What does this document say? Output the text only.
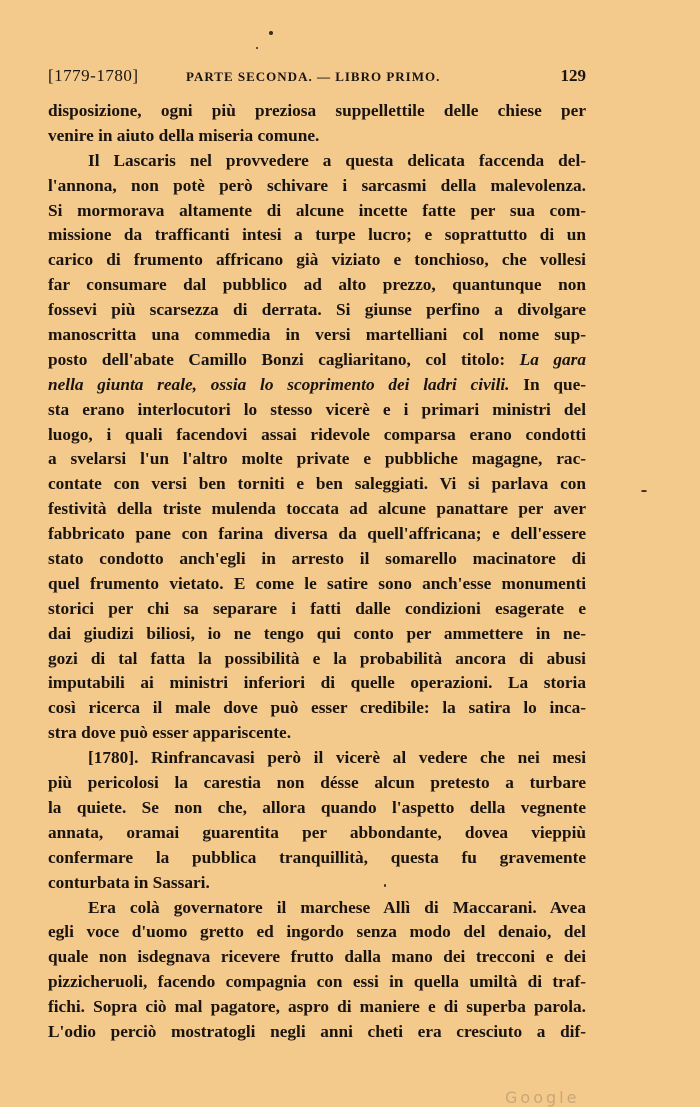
[1779-1780]	PARTE SECONDA. — LIBRO PRIMO.	129
disposizione, ogni più preziosa suppellettile delle chiese per
venire in aiuto della miseria comune.
Il Lascaris nel provvedere a questa delicata faccenda del-
l'annona, non potè però schivare i sarcasmi della malevolenza.
Si mormorava altamente di alcune incette fatte per sua com-
missione da trafficanti intesi a turpe lucro; e soprattutto di un
carico di frumento affricano già viziato e tonchioso, che vollesi
far consumare dal pubblico ad alto prezzo, quantunque non
fossevi più scarsezza di derrata. Si giunse perfino a divolgare
manoscritta una commedia in versi martelliani col nome sup-
posto dell'abate Camillo Bonzi cagliaritano, col titolo: La gara
nella giunta reale, ossia lo scoprimento dei ladri civili. In que-
sta erano interlocutori lo stesso vicerè e i primari ministri del
luogo, i quali facendovi assai ridevole comparsa erano condotti
a svelarsi l'un l'altro molte private e pubbliche magagne, rac-
contate con versi ben torniti e ben saleggiati. Vi si parlava con
festività della triste mulenda toccata ad alcune panattare per aver
fabbricato pane con farina diversa da quell'affricana; e dell'essere
stato condotto anch'egli in arresto il somarello macinatore di
quel frumento vietato. E come le satire sono anch'esse monumenti
storici per chi sa separare i fatti dalle condizioni esagerate e
dai giudizi biliosi, io ne tengo qui conto per ammettere in ne-
gozi di tal fatta la possibilità e la probabilità ancora di abusi
imputabili ai ministri inferiori di quelle operazioni. La storia
così ricerca il male dove può esser credibile: la satira lo inca-
stra dove può esser appariscente.
[1780]. Rinfrancavasi però il vicerè al vedere che nei mesi
più pericolosi la carestia non désse alcun pretesto a turbare
la quiete. Se non che, allora quando l'aspetto della vegnente
annata, oramai guarentita per abbondante, dovea vieppiù
confermare la pubblica tranquillità, questa fu gravemente
conturbata in Sassari.
Era colà governatore il marchese Allì di Maccarani. Avea
egli voce d'uomo gretto ed ingordo senza modo del denaio, del
quale non isdegnava ricevere frutto dalla mano dei trecconi e dei
pizzicheruoli, facendo compagnia con essi in quella umiltà di traf-
fichi. Sopra ciò mal pagatore, aspro di maniere e di superba parola.
L'odio perciò mostratogli negli anni cheti era cresciuto a dif-
Google
